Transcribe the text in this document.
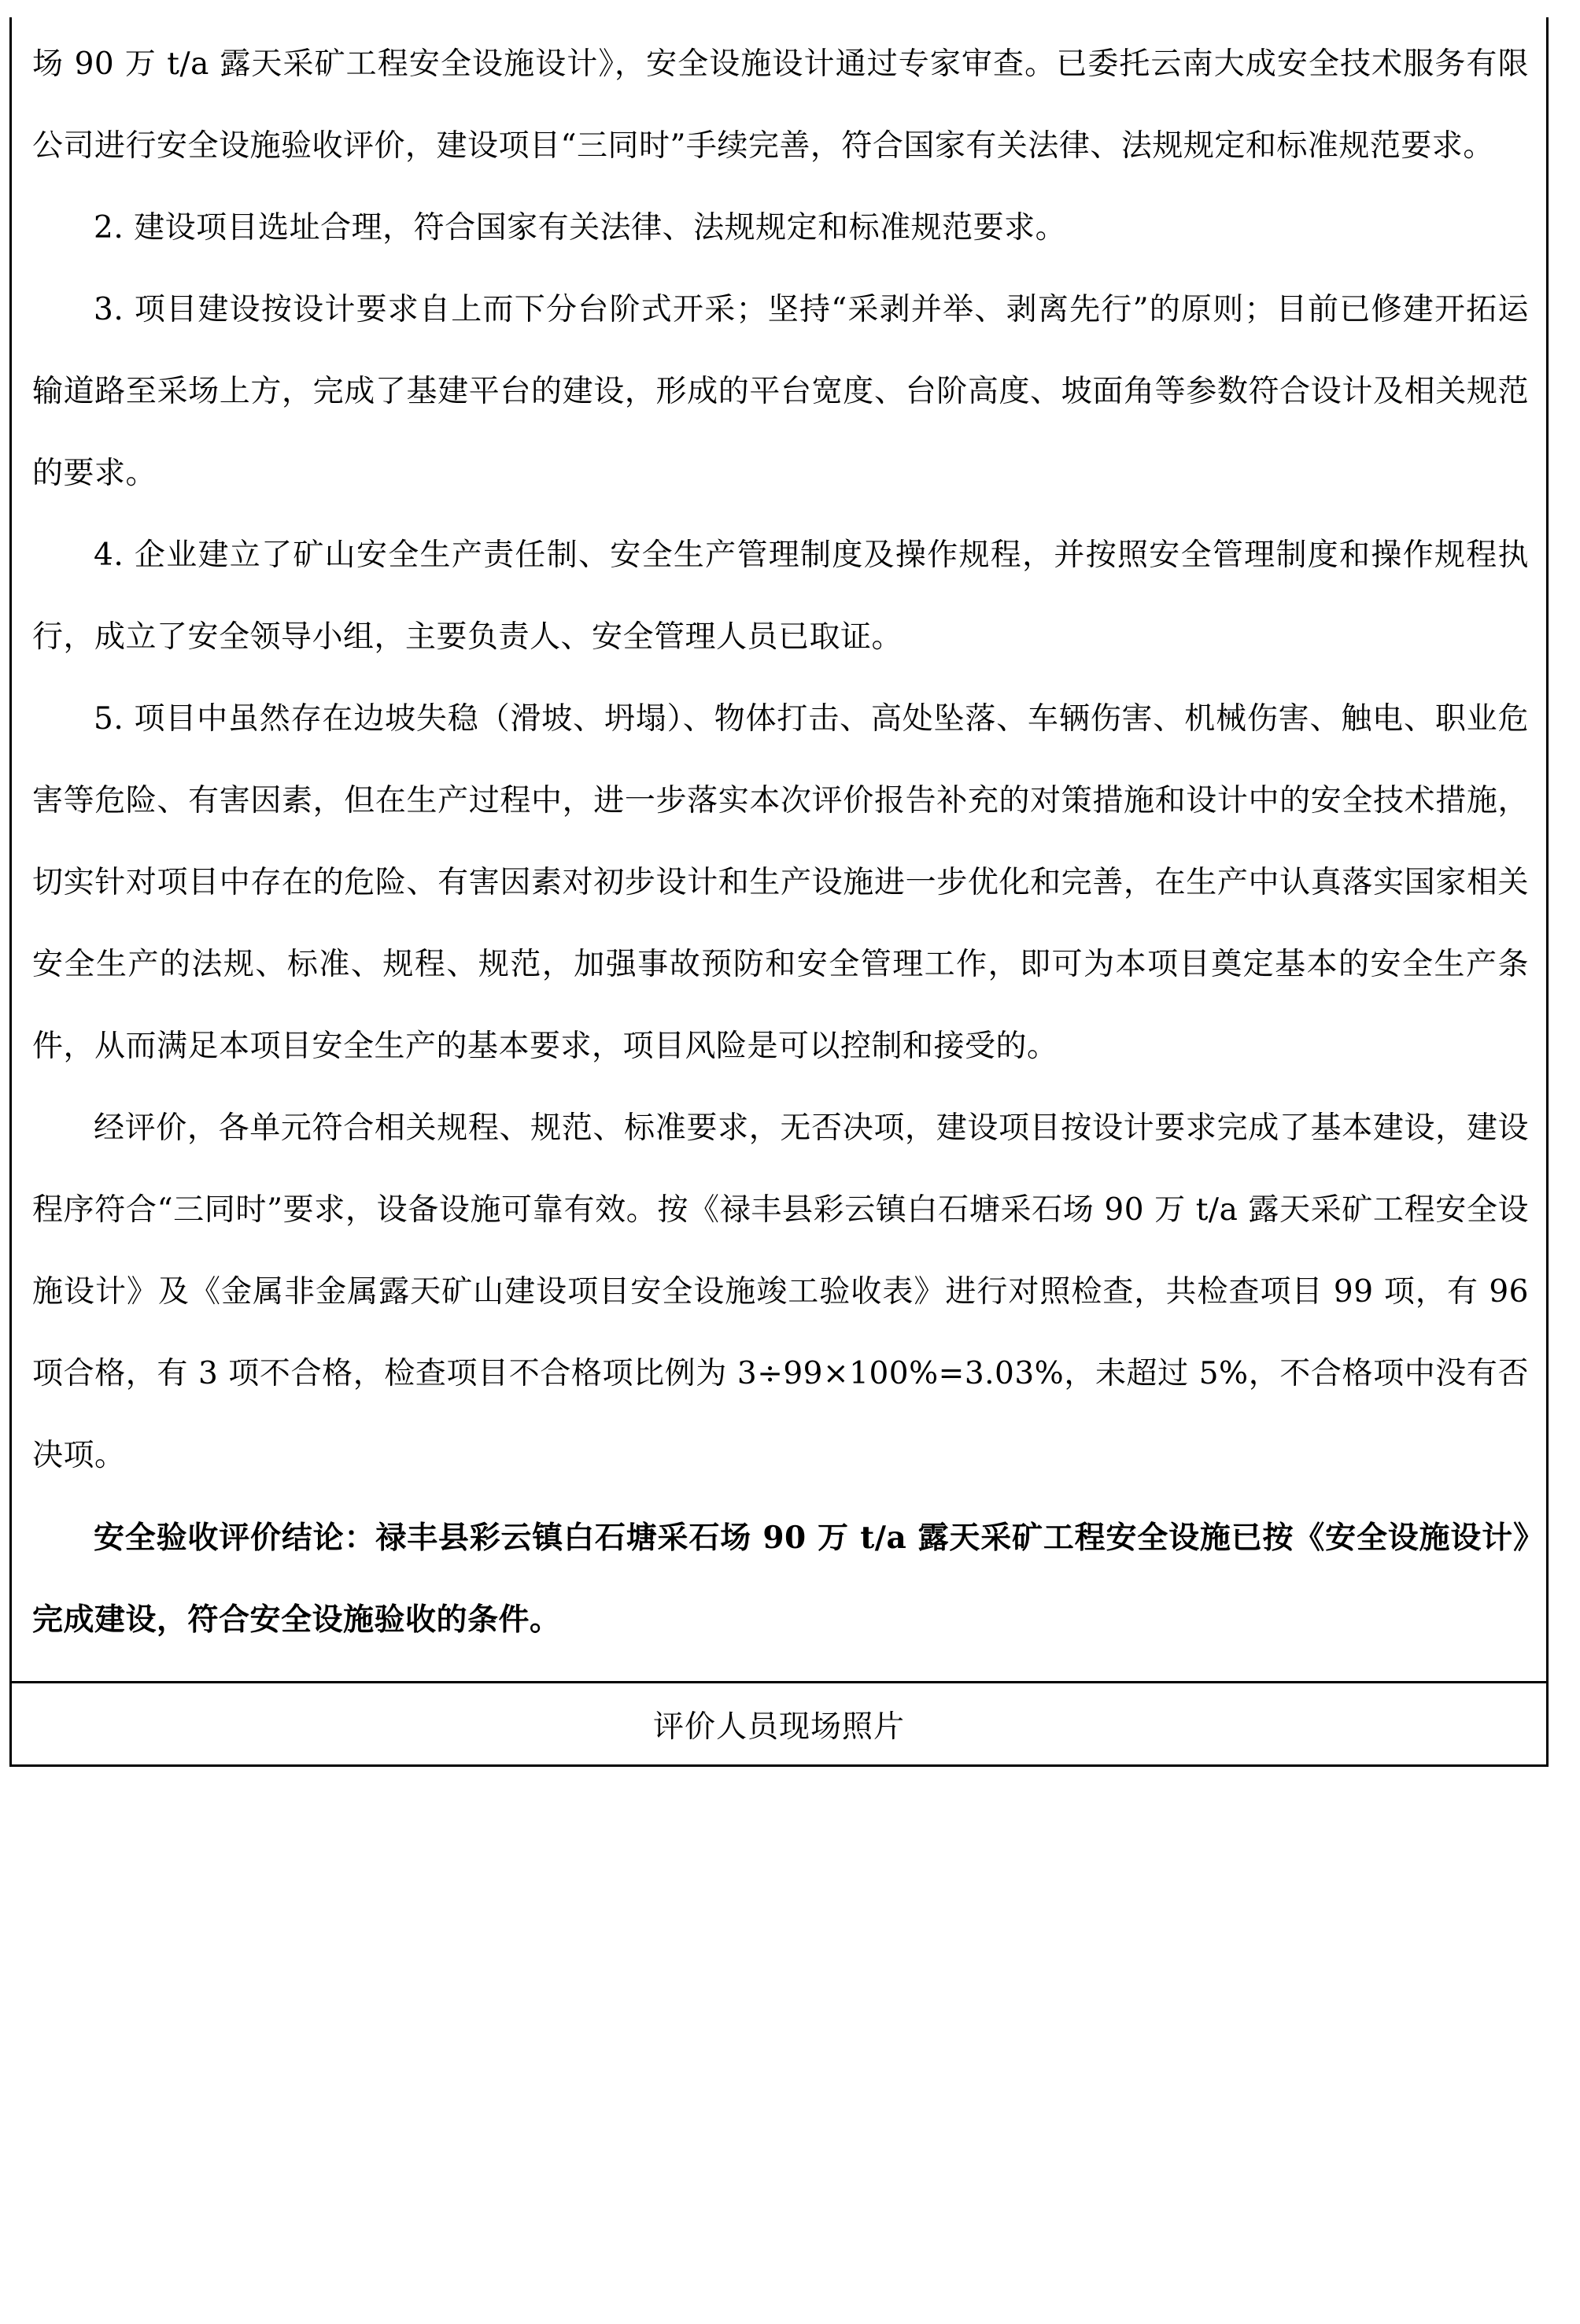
场 90 万 t/a 露天采矿工程安全设施设计》，安全设施设计通过专家审查。已委托云南大成安全技术服务有限公司进行安全设施验收评价，建设项目“三同时”手续完善，符合国家有关法律、法规规定和标准规范要求。

2. 建设项目选址合理，符合国家有关法律、法规规定和标准规范要求。

3. 项目建设按设计要求自上而下分台阶式开采；坚持“采剥并举、剥离先行”的原则；目前已修建开拓运输道路至采场上方，完成了基建平台的建设，形成的平台宽度、台阶高度、坡面角等参数符合设计及相关规范的要求。

4. 企业建立了矿山安全生产责任制、安全生产管理制度及操作规程，并按照安全管理制度和操作规程执行，成立了安全领导小组，主要负责人、安全管理人员已取证。

5. 项目中虽然存在边坡失稳（滑坡、坍塌）、物体打击、高处坠落、车辆伤害、机械伤害、触电、职业危害等危险、有害因素，但在生产过程中，进一步落实本次评价报告补充的对策措施和设计中的安全技术措施，切实针对项目中存在的危险、有害因素对初步设计和生产设施进一步优化和完善，在生产中认真落实国家相关安全生产的法规、标准、规程、规范，加强事故预防和安全管理工作，即可为本项目奠定基本的安全生产条件，从而满足本项目安全生产的基本要求，项目风险是可以控制和接受的。

经评价，各单元符合相关规程、规范、标准要求，无否决项，建设项目按设计要求完成了基本建设，建设程序符合“三同时”要求，设备设施可靠有效。按《禄丰县彩云镇白石塘采石场 90 万 t/a 露天采矿工程安全设施设计》及《金属非金属露天矿山建设项目安全设施竣工验收表》进行对照检查，共检查项目 99 项，有 96 项合格，有 3 项不合格，检查项目不合格项比例为 3÷99×100%=3.03%，未超过 5%，不合格项中没有否决项。

安全验收评价结论：禄丰县彩云镇白石塘采石场 90 万 t/a 露天采矿工程安全设施已按《安全设施设计》完成建设，符合安全设施验收的条件。

评价人员现场照片
